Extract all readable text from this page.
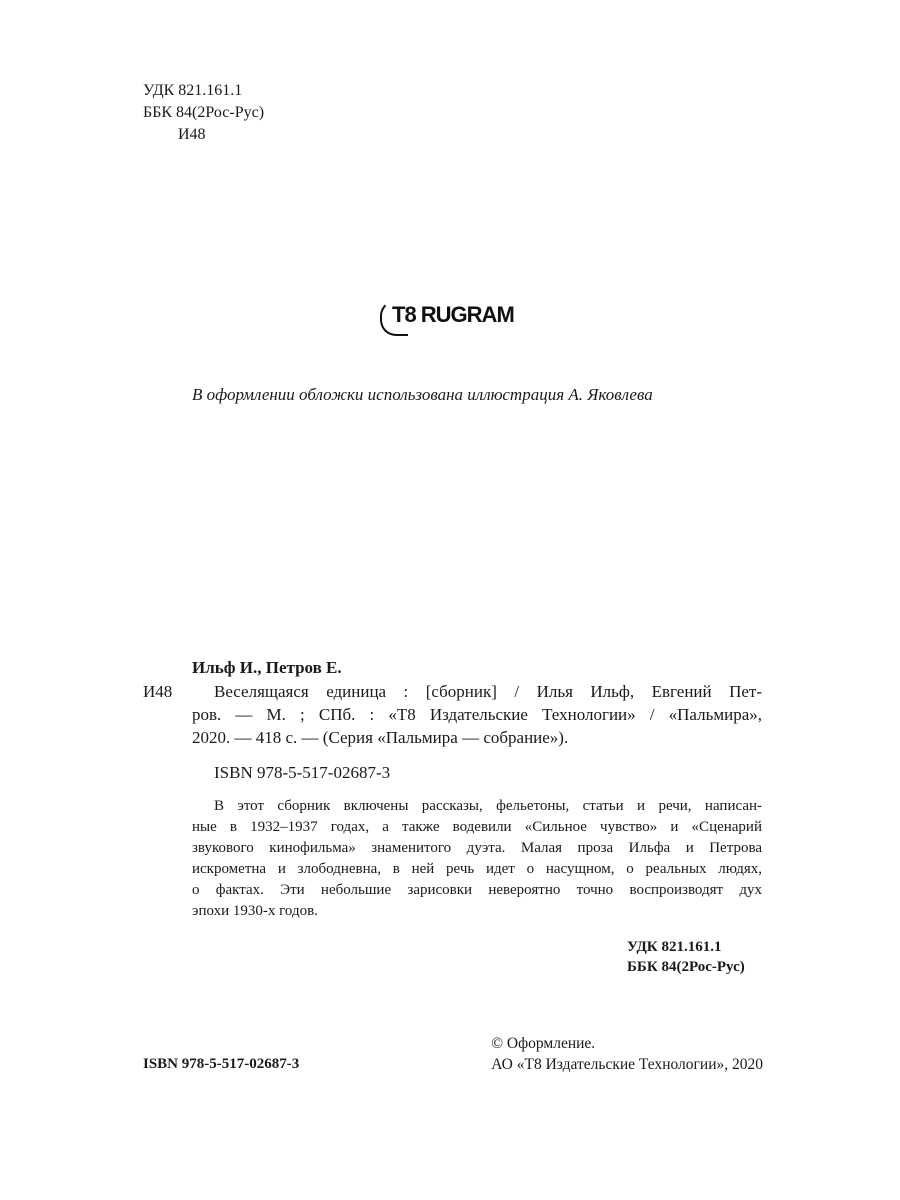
УДК 821.161.1
ББК 84(2Рос-Рус)
И48
T8 RUGRAM
В оформлении обложки использована иллюстрация А. Яковлева
Ильф И., Петров Е.
И48	Веселящаяся единица : [сборник] / Илья Ильф, Евгений Пет-
ров. — М. ; СПб. : «Т8 Издательские Технологии» / «Пальмира»,
2020. — 418 с. — (Серия «Пальмира — собрание»).
ISBN 978-5-517-02687-3
В этот сборник включены рассказы, фельетоны, статьи и речи, написан-
ные в 1932–1937 годах, а также водевили «Сильное чувство» и «Сценарий
звукового кинофильма» знаменитого дуэта. Малая проза Ильфа и Петрова
искрометна и злободневна, в ней речь идет о насущном, о реальных людях,
о фактах. Эти небольшие зарисовки невероятно точно воспроизводят дух
эпохи 1930-х годов.
УДК 821.161.1
ББК 84(2Рос-Рус)
ISBN 978-5-517-02687-3
© Оформление.
АО «Т8 Издательские Технологии», 2020
